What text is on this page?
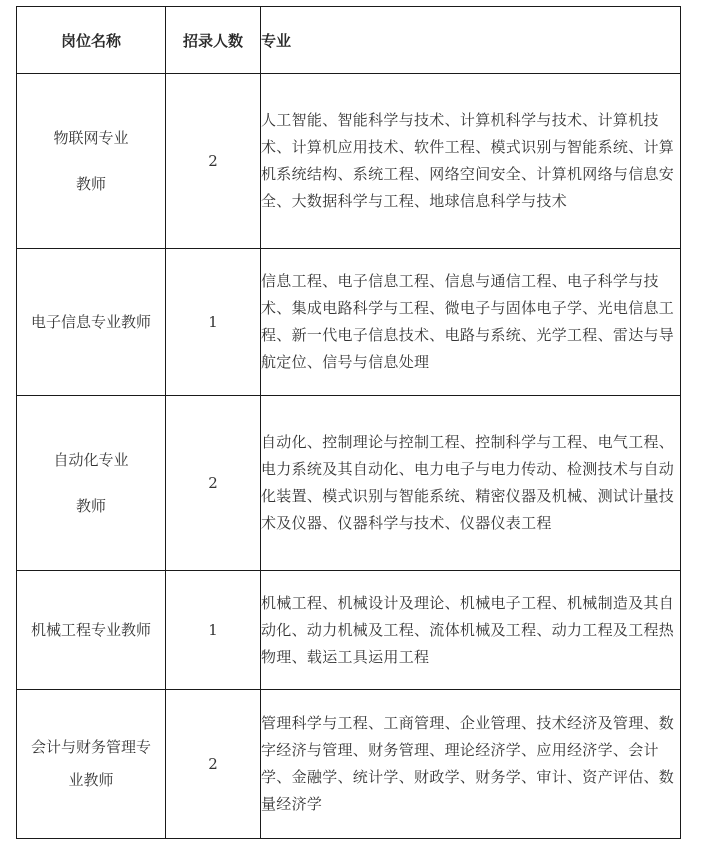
岗位名称	招录人数	专业

物联网专业
教师	2	人工智能、智能科学与技术、计算机科学与技术、计算机技术、计算机应用技术、软件工程、模式识别与智能系统、计算机系统结构、系统工程、网络空间安全、计算机网络与信息安全、大数据科学与工程、地球信息科学与技术

电子信息专业教师	1	信息工程、电子信息工程、信息与通信工程、电子科学与技术、集成电路科学与工程、微电子与固体电子学、光电信息工程、新一代电子信息技术、电路与系统、光学工程、雷达与导航定位、信号与信息处理

自动化专业
教师	2	自动化、控制理论与控制工程、控制科学与工程、电气工程、电力系统及其自动化、电力电子与电力传动、检测技术与自动化装置、模式识别与智能系统、精密仪器及机械、测试计量技术及仪器、仪器科学与技术、仪器仪表工程

机械工程专业教师	1	机械工程、机械设计及理论、机械电子工程、机械制造及其自动化、动力机械及工程、流体机械及工程、动力工程及工程热物理、载运工具运用工程

会计与财务管理专
业教师	2	管理科学与工程、工商管理、企业管理、技术经济及管理、数字经济与管理、财务管理、理论经济学、应用经济学、会计学、金融学、统计学、财政学、财务学、审计、资产评估、数量经济学
